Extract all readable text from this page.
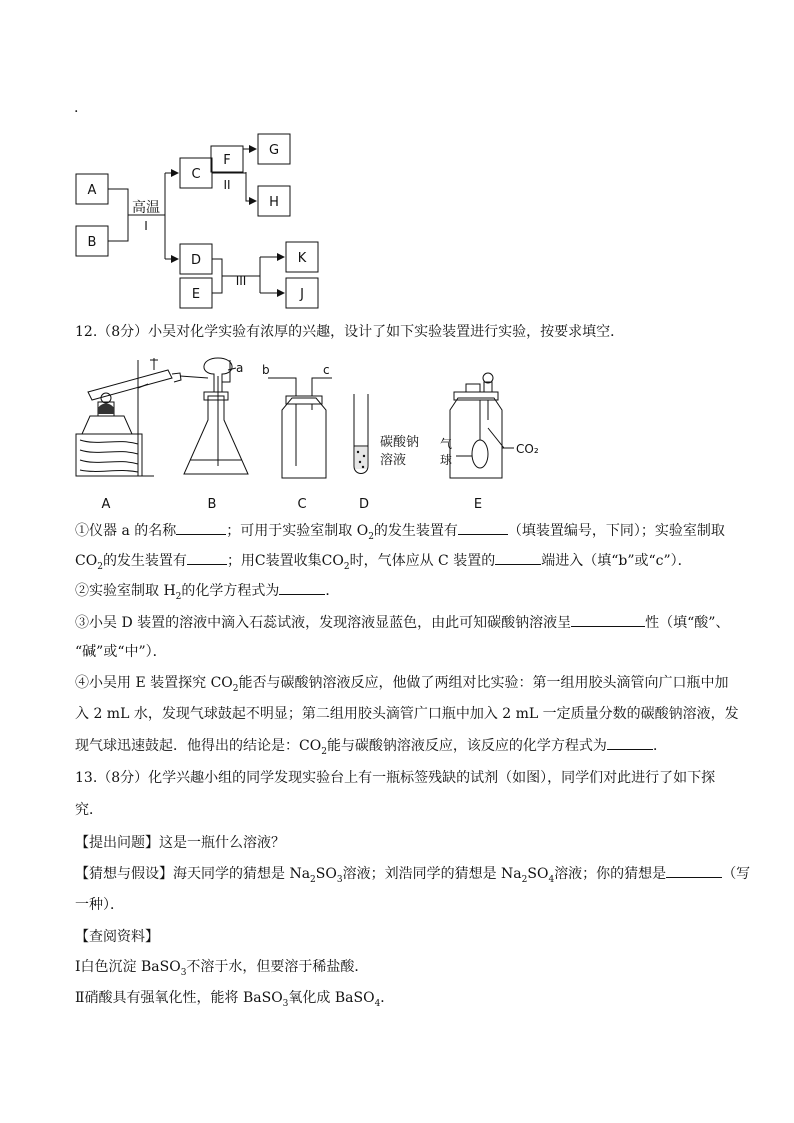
.
A
B
C
F
G
H
D
E
K
J
高温
I
II
III
12.（8分）小吴对化学实验有浓厚的兴趣，设计了如下实验装置进行实验，按要求填空．
A	B	C	D	E
a b	c
碳酸钠
溶液
气
球
CO₂
①仪器 a 的名称	；可用于实验室制取 $O_2$的发生装置有	（填装置编号，下同）；实验室制取
$CO_2$的发生装置有	；用C装置收集$CO_2$时，气体应从 C 装置的	端进入（填“b”或“c”）．
②实验室制取 $H_2$的化学方程式为	．
③小吴 D 装置的溶液中滴入石蕊试液，发现溶液显蓝色，由此可知碳酸钠溶液呈	性（填“酸”、
“碱”或“中”）．
④小吴用 E 装置探究 $CO_2$能否与碳酸钠溶液反应，他做了两组对比实验：第一组用胶头滴管向广口瓶中加
入 2 mL 水，发现气球鼓起不明显；第二组用胶头滴管广口瓶中加入 2 mL 一定质量分数的碳酸钠溶液，发
现气球迅速鼓起．他得出的结论是：$CO_2$能与碳酸钠溶液反应，该反应的化学方程式为	．
13.（8分）化学兴趣小组的同学发现实验台上有一瓶标签残缺的试剂（如图），同学们对此进行了如下探
究．
【提出问题】这是一瓶什么溶液？
【猜想与假设】海天同学的猜想是 $Na_2SO_3$溶液；刘浩同学的猜想是 $Na_2SO_4$溶液；你的猜想是	（写
一种）．
【查阅资料】
Ⅰ白色沉淀 BaSO$_3$不溶于水，但要溶于稀盐酸．
Ⅱ硝酸具有强氧化性，能将 BaSO$_3$氧化成 BaSO$_4$．
